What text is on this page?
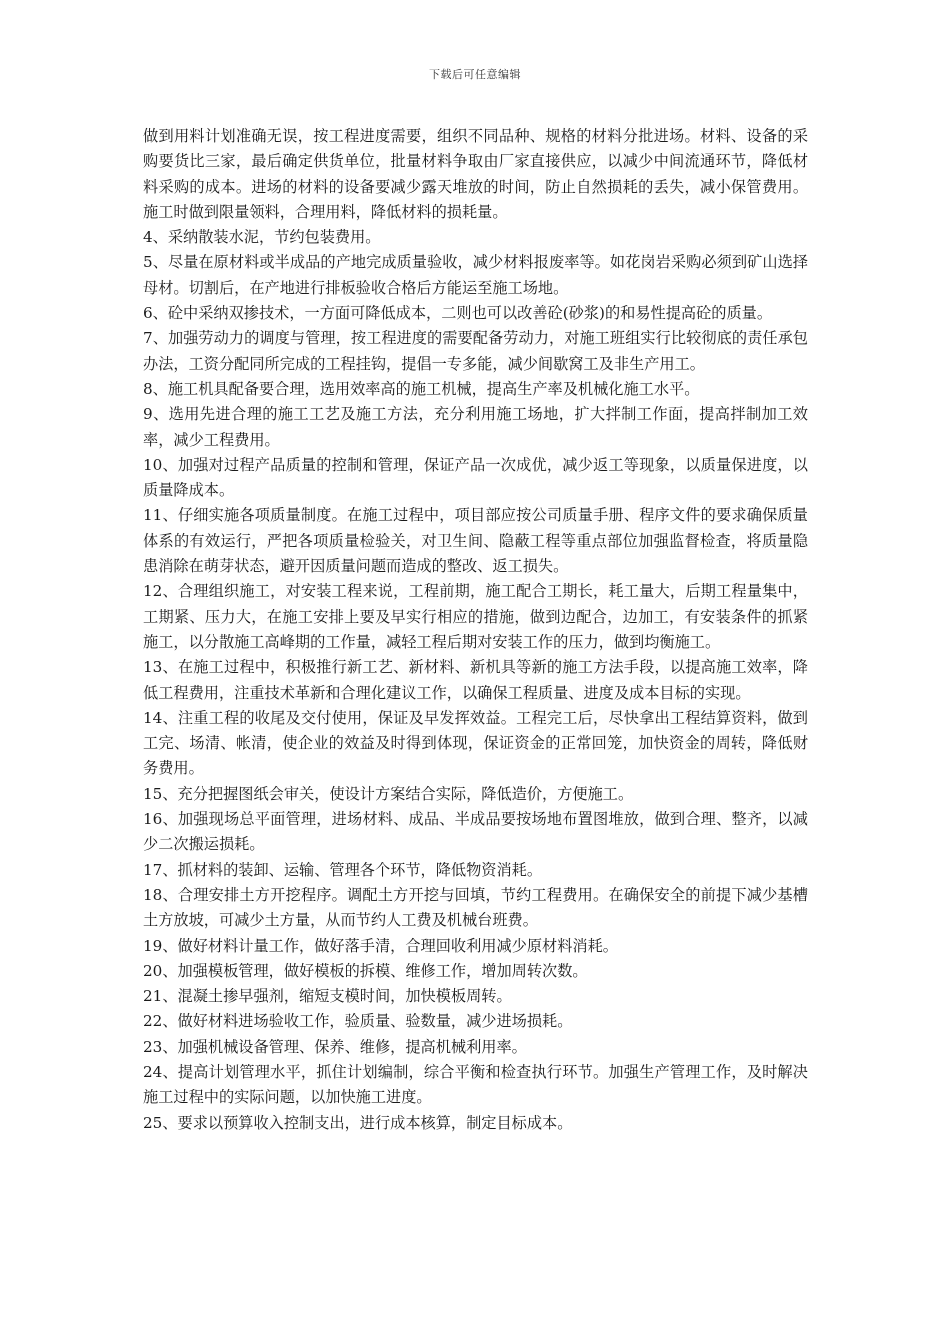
下载后可任意编辑

做到用料计划准确无误，按工程进度需要，组织不同品种、规格的材料分批进场。材料、设备的采购要货比三家，最后确定供货单位，批量材料争取由厂家直接供应，以减少中间流通环节，降低材料采购的成本。进场的材料的设备要减少露天堆放的时间，防止自然损耗的丢失，减小保管费用。施工时做到限量领料，合理用料，降低材料的损耗量。

4、采纳散装水泥，节约包装费用。

5、尽量在原材料或半成品的产地完成质量验收，减少材料报废率等。如花岗岩采购必须到矿山选择母材。切割后，在产地进行排板验收合格后方能运至施工场地。

6、砼中采纳双掺技术，一方面可降低成本，二则也可以改善砼(砂浆)的和易性提高砼的质量。

7、加强劳动力的调度与管理，按工程进度的需要配备劳动力，对施工班组实行比较彻底的责任承包办法，工资分配同所完成的工程挂钩，提倡一专多能，减少间歇窝工及非生产用工。

8、施工机具配备要合理，选用效率高的施工机械，提高生产率及机械化施工水平。

9、选用先进合理的施工工艺及施工方法，充分利用施工场地，扩大拌制工作面，提高拌制加工效率，减少工程费用。

10、加强对过程产品质量的控制和管理，保证产品一次成优，减少返工等现象，以质量保进度，以质量降成本。

11、仔细实施各项质量制度。在施工过程中，项目部应按公司质量手册、程序文件的要求确保质量体系的有效运行，严把各项质量检验关，对卫生间、隐蔽工程等重点部位加强监督检查，将质量隐患消除在萌芽状态，避开因质量问题而造成的整改、返工损失。

12、合理组织施工，对安装工程来说，工程前期，施工配合工期长，耗工量大，后期工程量集中，工期紧、压力大，在施工安排上要及早实行相应的措施，做到边配合，边加工，有安装条件的抓紧施工，以分散施工高峰期的工作量，减轻工程后期对安装工作的压力，做到均衡施工。

13、在施工过程中，积极推行新工艺、新材料、新机具等新的施工方法手段，以提高施工效率，降低工程费用，注重技术革新和合理化建议工作，以确保工程质量、进度及成本目标的实现。

14、注重工程的收尾及交付使用，保证及早发挥效益。工程完工后，尽快拿出工程结算资料，做到工完、场清、帐清，使企业的效益及时得到体现，保证资金的正常回笼，加快资金的周转，降低财务费用。

15、充分把握图纸会审关，使设计方案结合实际，降低造价，方便施工。

16、加强现场总平面管理，进场材料、成品、半成品要按场地布置图堆放，做到合理、整齐，以减少二次搬运损耗。

17、抓材料的装卸、运输、管理各个环节，降低物资消耗。

18、合理安排土方开挖程序。调配土方开挖与回填，节约工程费用。在确保安全的前提下减少基槽土方放坡，可减少土方量，从而节约人工费及机械台班费。

19、做好材料计量工作，做好落手清，合理回收利用减少原材料消耗。

20、加强模板管理，做好模板的拆模、维修工作，增加周转次数。

21、混凝土掺早强剂，缩短支模时间，加快模板周转。

22、做好材料进场验收工作，验质量、验数量，减少进场损耗。

23、加强机械设备管理、保养、维修，提高机械利用率。

24、提高计划管理水平，抓住计划编制，综合平衡和检查执行环节。加强生产管理工作，及时解决施工过程中的实际问题，以加快施工进度。

25、要求以预算收入控制支出，进行成本核算，制定目标成本。
